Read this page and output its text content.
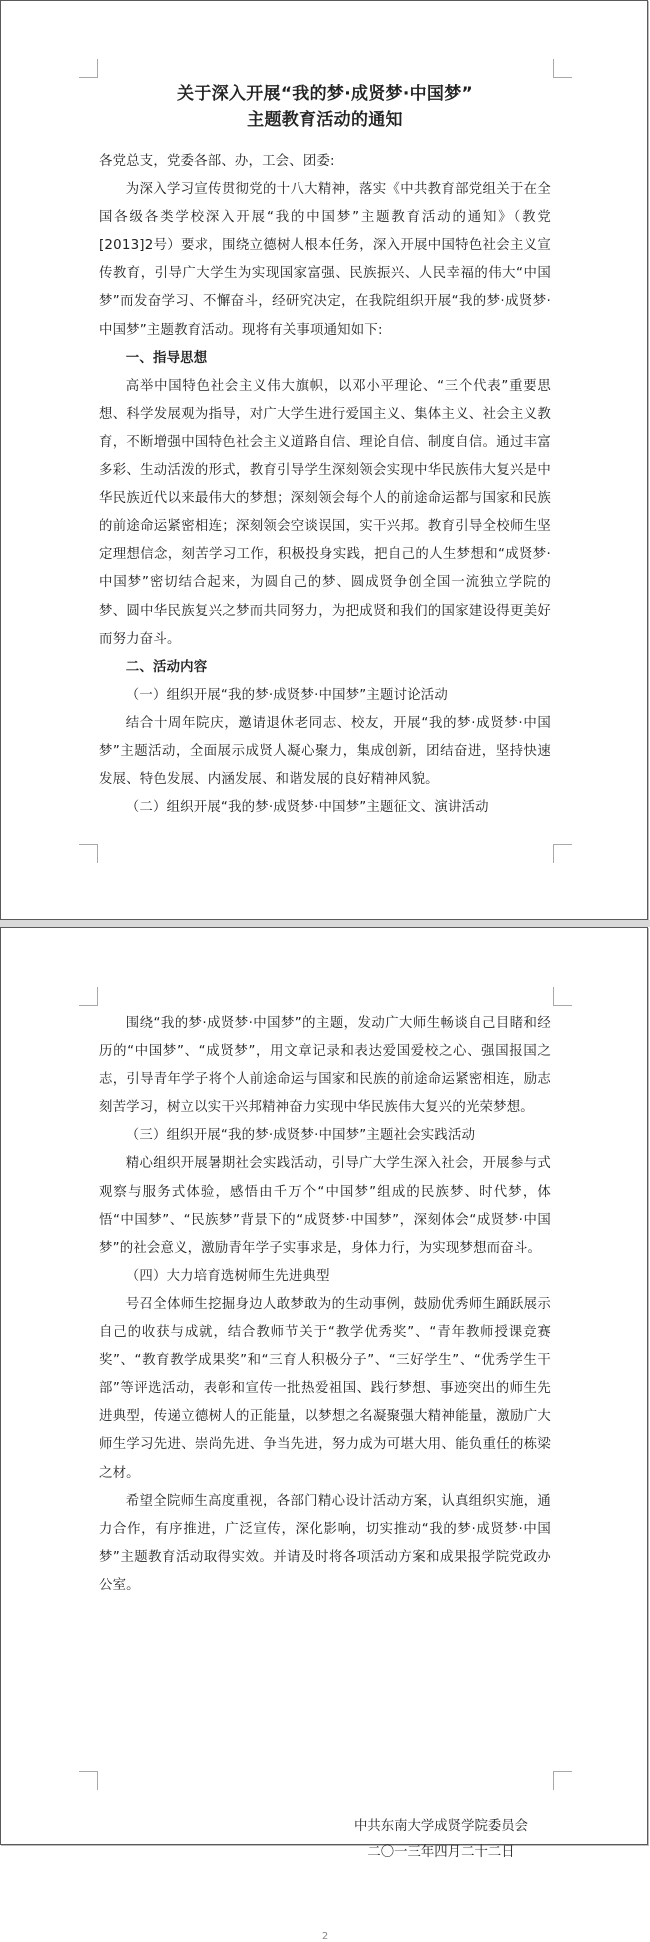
关于深入开展“我的梦·成贤梦·中国梦”

主题教育活动的通知

各党总支，党委各部、办，工会、团委:

为深入学习宣传贯彻党的十八大精神，落实《中共教育部党组关于在全国各级各类学校深入开展“我的中国梦”主题教育活动的通知》（教党[2013]2号）要求，围绕立德树人根本任务，深入开展中国特色社会主义宣传教育，引导广大学生为实现国家富强、民族振兴、人民幸福的伟大“中国梦”而发奋学习、不懈奋斗，经研究决定，在我院组织开展“我的梦·成贤梦·中国梦”主题教育活动。现将有关事项通知如下:

一、指导思想

高举中国特色社会主义伟大旗帜，以邓小平理论、“三个代表”重要思想、科学发展观为指导，对广大学生进行爱国主义、集体主义、社会主义教育，不断增强中国特色社会主义道路自信、理论自信、制度自信。通过丰富多彩、生动活泼的形式，教育引导学生深刻领会实现中华民族伟大复兴是中华民族近代以来最伟大的梦想；深刻领会每个人的前途命运都与国家和民族的前途命运紧密相连；深刻领会空谈误国，实干兴邦。教育引导全校师生坚定理想信念，刻苦学习工作，积极投身实践，把自己的人生梦想和“成贤梦·中国梦”密切结合起来，为圆自己的梦、圆成贤争创全国一流独立学院的梦、圆中华民族复兴之梦而共同努力，为把成贤和我们的国家建设得更美好而努力奋斗。

二、活动内容

（一）组织开展“我的梦·成贤梦·中国梦”主题讨论活动

结合十周年院庆，邀请退休老同志、校友，开展“我的梦·成贤梦·中国梦”主题活动，全面展示成贤人凝心聚力，集成创新，团结奋进，坚持快速发展、特色发展、内涵发展、和谐发展的良好精神风貌。

（二）组织开展“我的梦·成贤梦·中国梦”主题征文、演讲活动

围绕“我的梦·成贤梦·中国梦”的主题，发动广大师生畅谈自己目睹和经历的“中国梦”、“成贤梦”，用文章记录和表达爱国爱校之心、强国报国之志，引导青年学子将个人前途命运与国家和民族的前途命运紧密相连，励志刻苦学习，树立以实干兴邦精神奋力实现中华民族伟大复兴的光荣梦想。

（三）组织开展“我的梦·成贤梦·中国梦”主题社会实践活动

精心组织开展暑期社会实践活动，引导广大学生深入社会，开展参与式观察与服务式体验，感悟由千万个“中国梦”组成的民族梦、时代梦，体悟“中国梦”、“民族梦”背景下的“成贤梦·中国梦”，深刻体会“成贤梦·中国梦”的社会意义，激励青年学子实事求是，身体力行，为实现梦想而奋斗。

（四）大力培育选树师生先进典型

号召全体师生挖掘身边人敢梦敢为的生动事例，鼓励优秀师生踊跃展示自己的收获与成就，结合教师节关于“教学优秀奖”、“青年教师授课竞赛奖”、“教育教学成果奖”和“三育人积极分子”、“三好学生”、“优秀学生干部”等评选活动，表彰和宣传一批热爱祖国、践行梦想、事迹突出的师生先进典型，传递立德树人的正能量，以梦想之名凝聚强大精神能量，激励广大师生学习先进、崇尚先进、争当先进，努力成为可堪大用、能负重任的栋梁之材。

希望全院师生高度重视，各部门精心设计活动方案，认真组织实施，通力合作，有序推进，广泛宣传，深化影响，切实推动“我的梦·成贤梦·中国梦”主题教育活动取得实效。并请及时将各项活动方案和成果报学院党政办公室。

中共东南大学成贤学院委员会
二〇一三年四月二十二日
2
